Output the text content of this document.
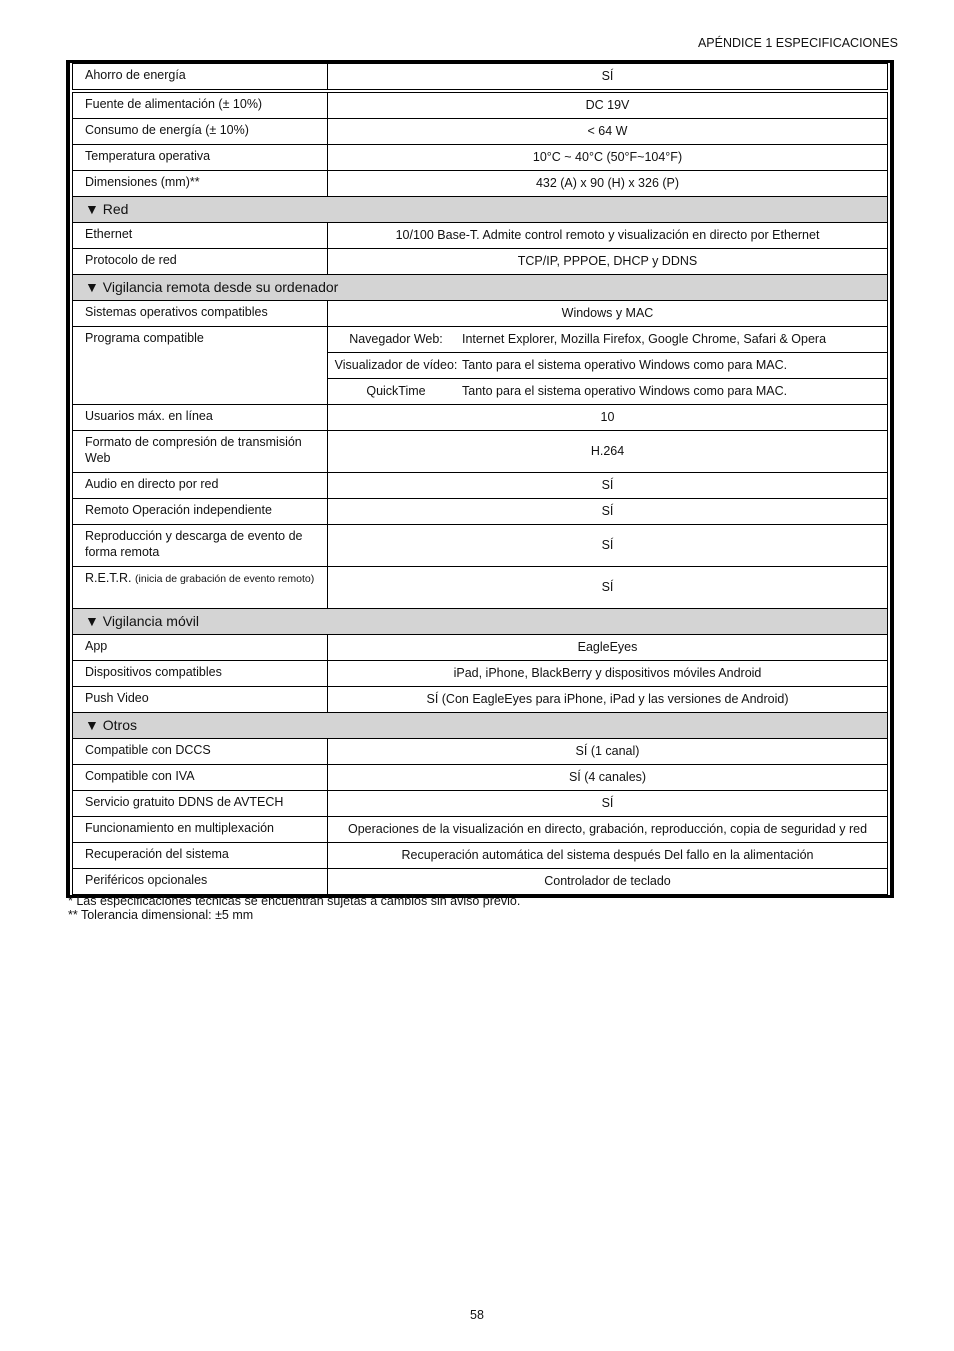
APÉNDICE 1 ESPECIFICACIONES
Ahorro de energía	SÍ
Fuente de alimentación (± 10%)	DC 19V
Consumo de energía (± 10%)	< 64 W
Temperatura operativa	10°C ~ 40°C (50°F~104°F)
Dimensiones (mm)**	432 (A) x 90 (H) x 326 (P)
▼ Red	
Ethernet	10/100 Base-T. Admite control remoto y visualización en directo por Ethernet
Protocolo de red	TCP/IP, PPPOE, DHCP y DDNS
▼ Vigilancia remota desde su ordenador	
Sistemas operativos compatibles	Windows y MAC
Programa compatible	Navegador Web: Internet Explorer, Mozilla Firefox, Google Chrome, Safari & Opera

	Visualizador de vídeo: Tanto para el sistema operativo Windows como para MAC.

	QuickTime Tanto para el sistema operativo Windows como para MAC.

Usuarios máx. en línea	10
Formato de compresión de transmisión Web	H.264
Audio en directo por red	SÍ
Remoto Operación independiente	SÍ
Reproducción y descarga de evento de forma remota	SÍ
R.E.T.R. (inicia de grabación de evento remoto)	SÍ
▼ Vigilancia móvil	
App	EagleEyes
Dispositivos compatibles	iPad, iPhone, BlackBerry y dispositivos móviles Android
Push Video	SÍ (Con EagleEyes para iPhone, iPad y las versiones de Android)
▼ Otros	
Compatible con DCCS	SÍ (1 canal)
Compatible con IVA	SÍ (4 canales)
Servicio gratuito DDNS de AVTECH	SÍ
Funcionamiento en multiplexación	Operaciones de la visualización en directo, grabación, reproducción, copia de seguridad y red
Recuperación del sistema	Recuperación automática del sistema después Del fallo en la alimentación
Periféricos opcionales	Controlador de teclado
* Las especificaciones técnicas se encuentran sujetas a cambios sin aviso previo.
** Tolerancia dimensional: ±5 mm
58
